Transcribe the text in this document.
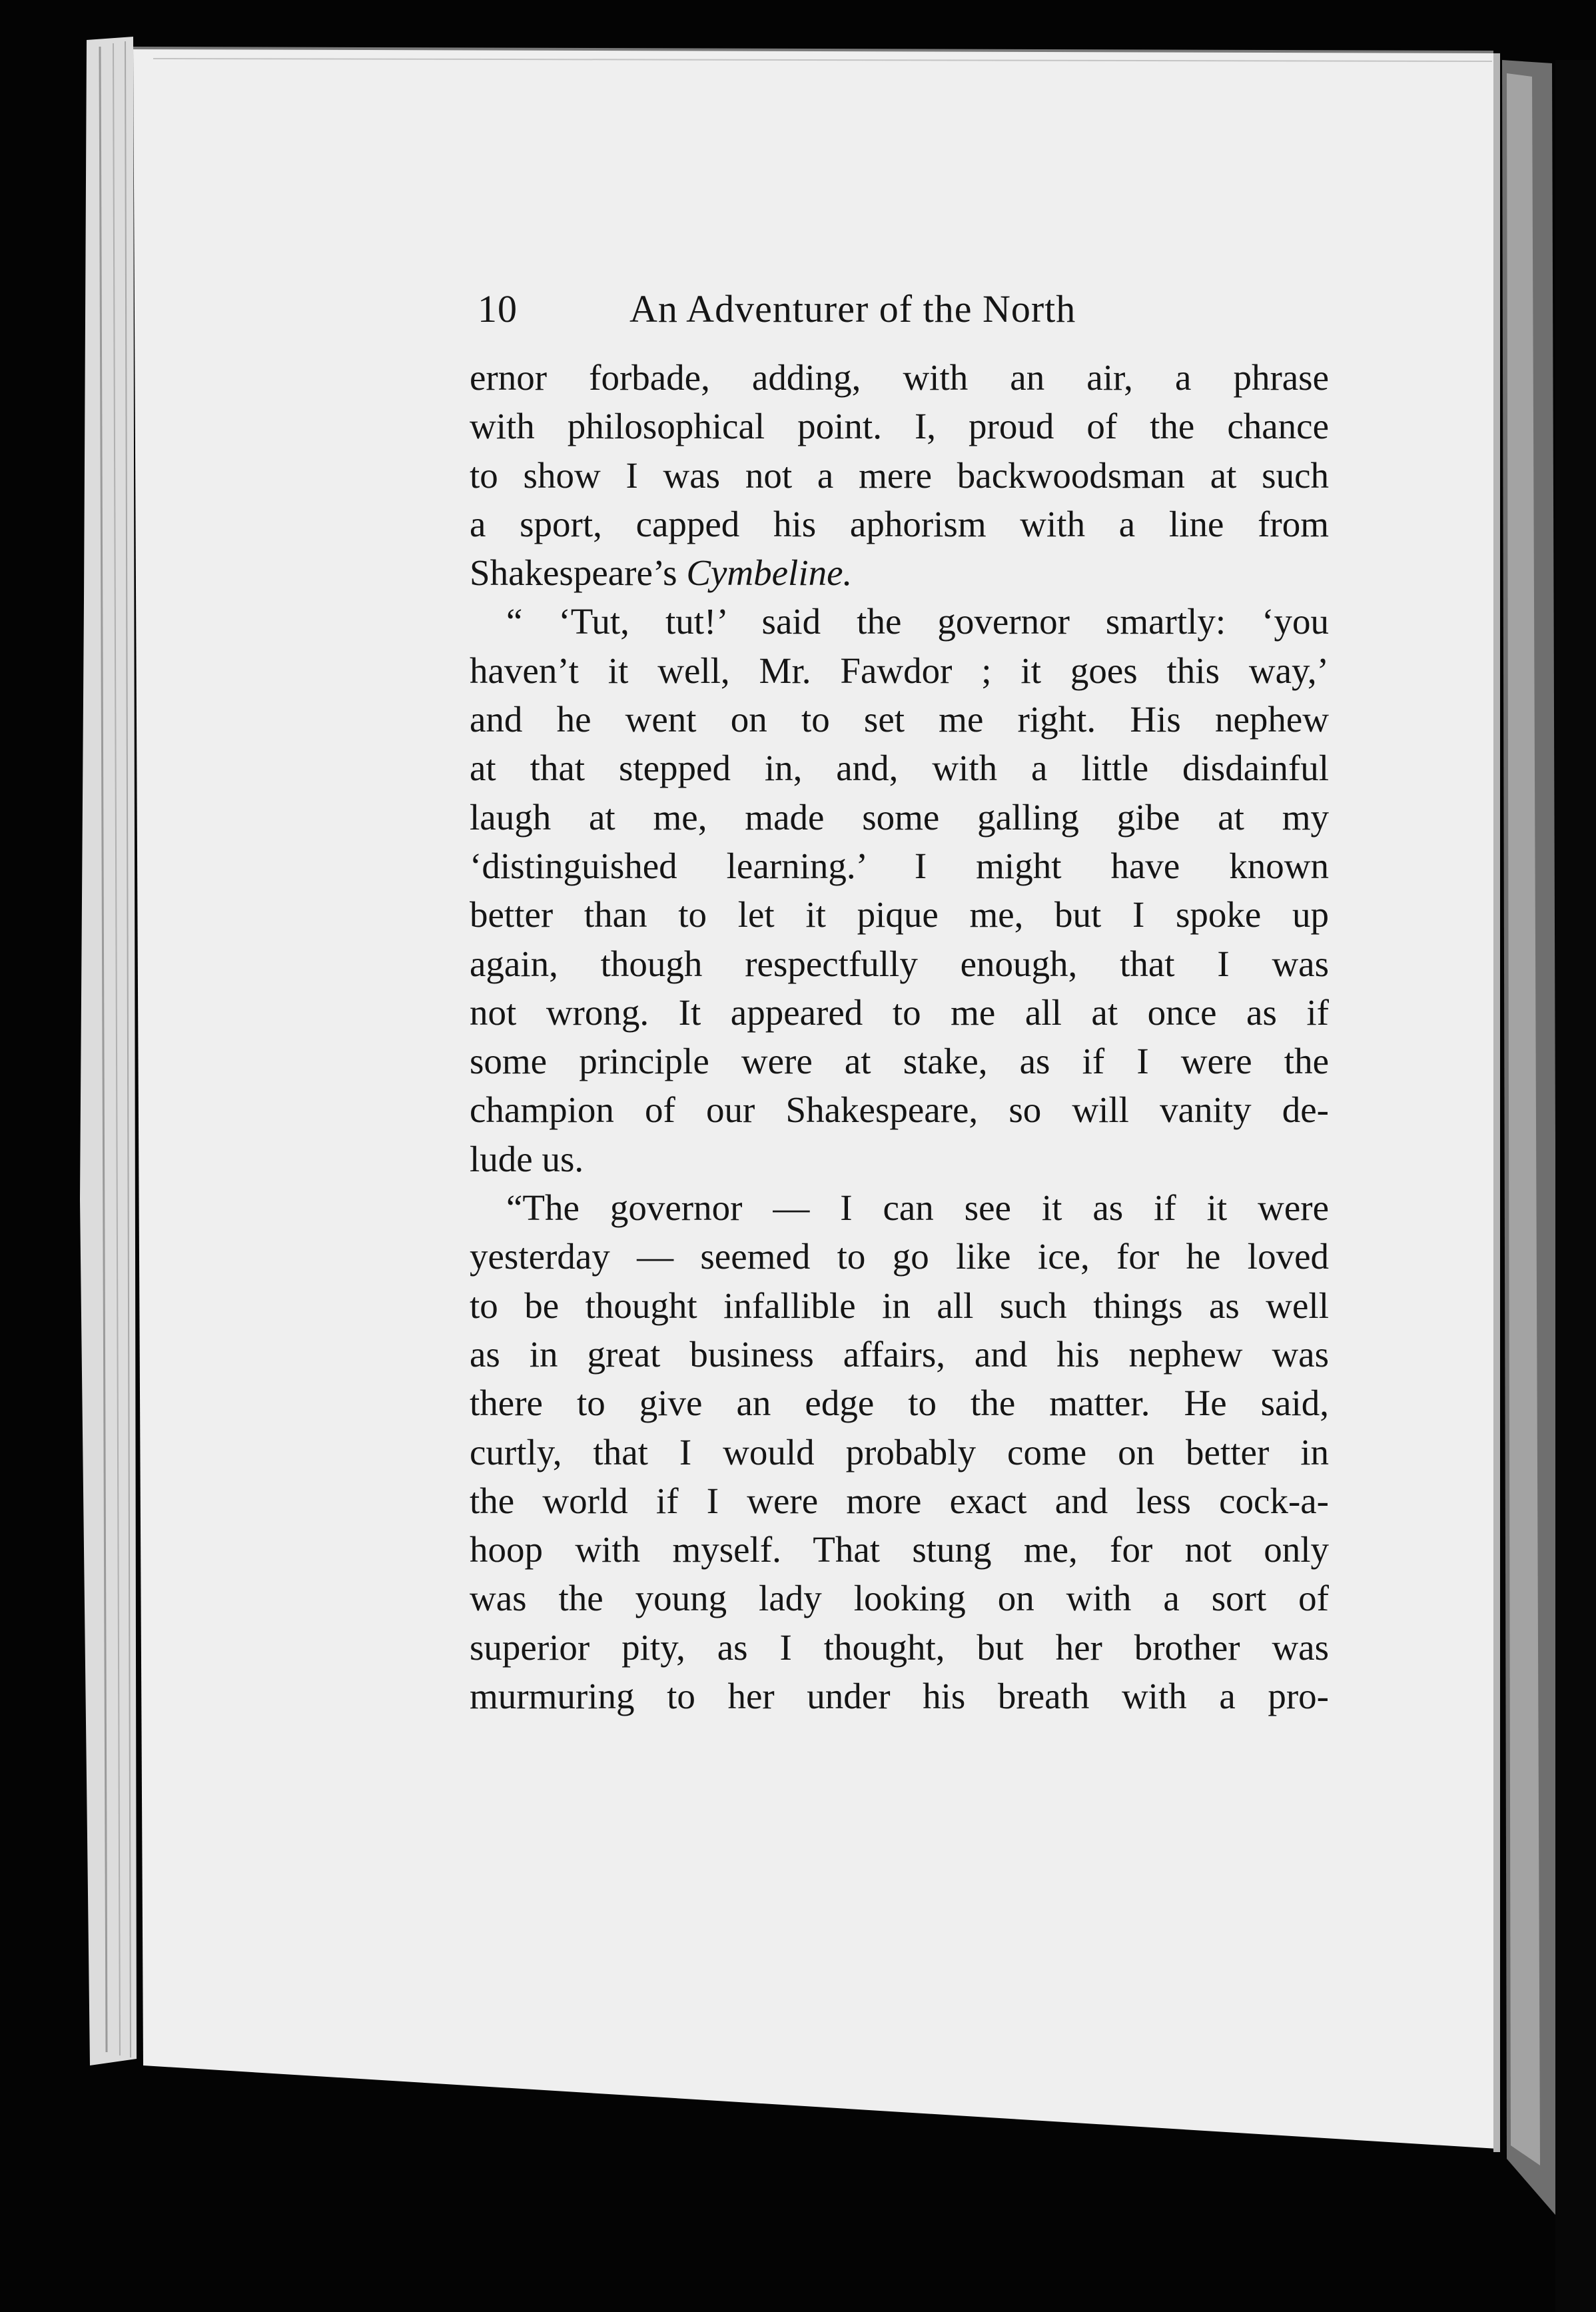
10	An Adventurer of the North
ernor forbade, adding, with an air, a phrase
with philosophical point. I, proud of the chance
to show I was not a mere backwoodsman at such
a sport, capped his aphorism with a line from
Shakespeare’s Cymbeline.
“ ‘Tut, tut!’ said the governor smartly: ‘you
haven’t it well, Mr. Fawdor ; it goes this way,’
and he went on to set me right. His nephew
at that stepped in, and, with a little disdainful
laugh at me, made some galling gibe at my
‘distinguished learning.’ I might have known
better than to let it pique me, but I spoke up
again, though respectfully enough, that I was
not wrong. It appeared to me all at once as if
some principle were at stake, as if I were the
champion of our Shakespeare, so will vanity de-
lude us.
“The governor — I can see it as if it were
yesterday — seemed to go like ice, for he loved
to be thought infallible in all such things as well
as in great business affairs, and his nephew was
there to give an edge to the matter. He said,
curtly, that I would probably come on better in
the world if I were more exact and less cock-a-
hoop with myself. That stung me, for not only
was the young lady looking on with a sort of
superior pity, as I thought, but her brother was
murmuring to her under his breath with a pro-
